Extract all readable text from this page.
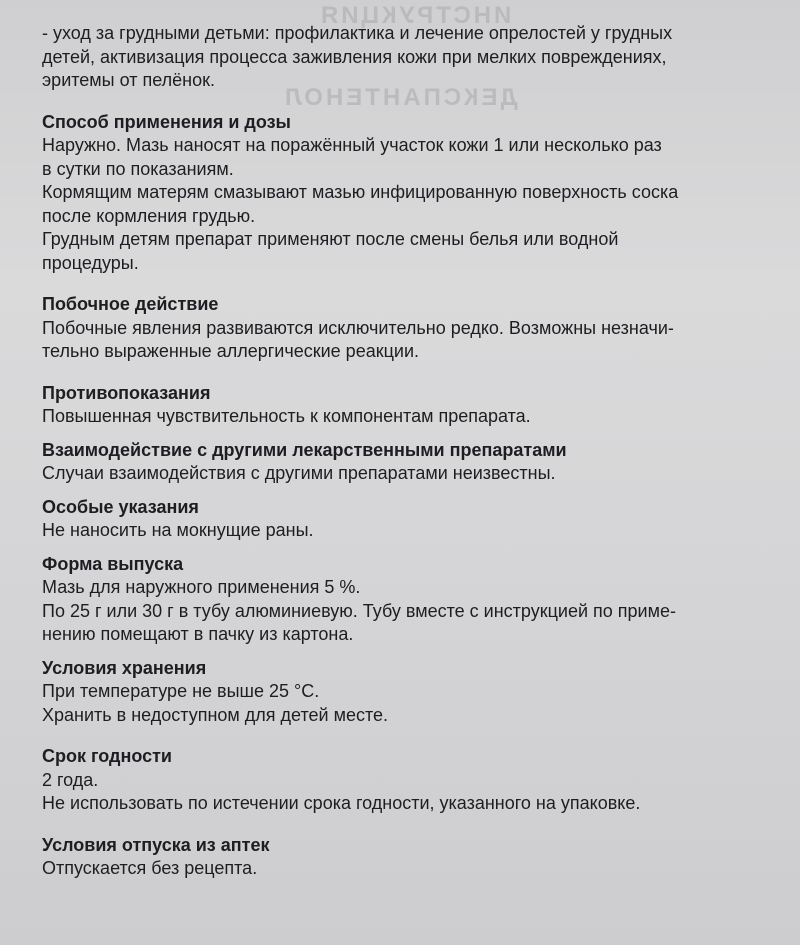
ИНСТРУКЦИЯ
ДЕКСПАНТЕНОЛ

- уход за грудными детьми: профилактика и лечение опрелостей у грудных
детей, активизация процесса заживления кожи при мелких повреждениях,
эритемы от пелёнок.

Способ применения и дозы

Наружно. Мазь наносят на поражённый участок кожи 1 или несколько раз
в сутки по показаниям.
Кормящим матерям смазывают мазью инфицированную поверхность соска
после кормления грудью.
Грудным детям препарат применяют после смены белья или водной
процедуры.

Побочное действие

Побочные явления развиваются исключительно редко. Возможны незначи-
тельно выраженные аллергические реакции.

Противопоказания

Повышенная чувствительность к компонентам препарата.

Взаимодействие с другими лекарственными препаратами

Случаи взаимодействия с другими препаратами неизвестны.

Особые указания

Не наносить на мокнущие раны.

Форма выпуска

Мазь для наружного применения 5 %.
По 25 г или 30 г в тубу алюминиевую. Тубу вместе с инструкцией по приме-
нению помещают в пачку из картона.

Условия хранения

При температуре не выше 25 °С.
Хранить в недоступном для детей месте.

Срок годности

2 года.
Не использовать по истечении срока годности, указанного на упаковке.

Условия отпуска из аптек

Отпускается без рецепта.
